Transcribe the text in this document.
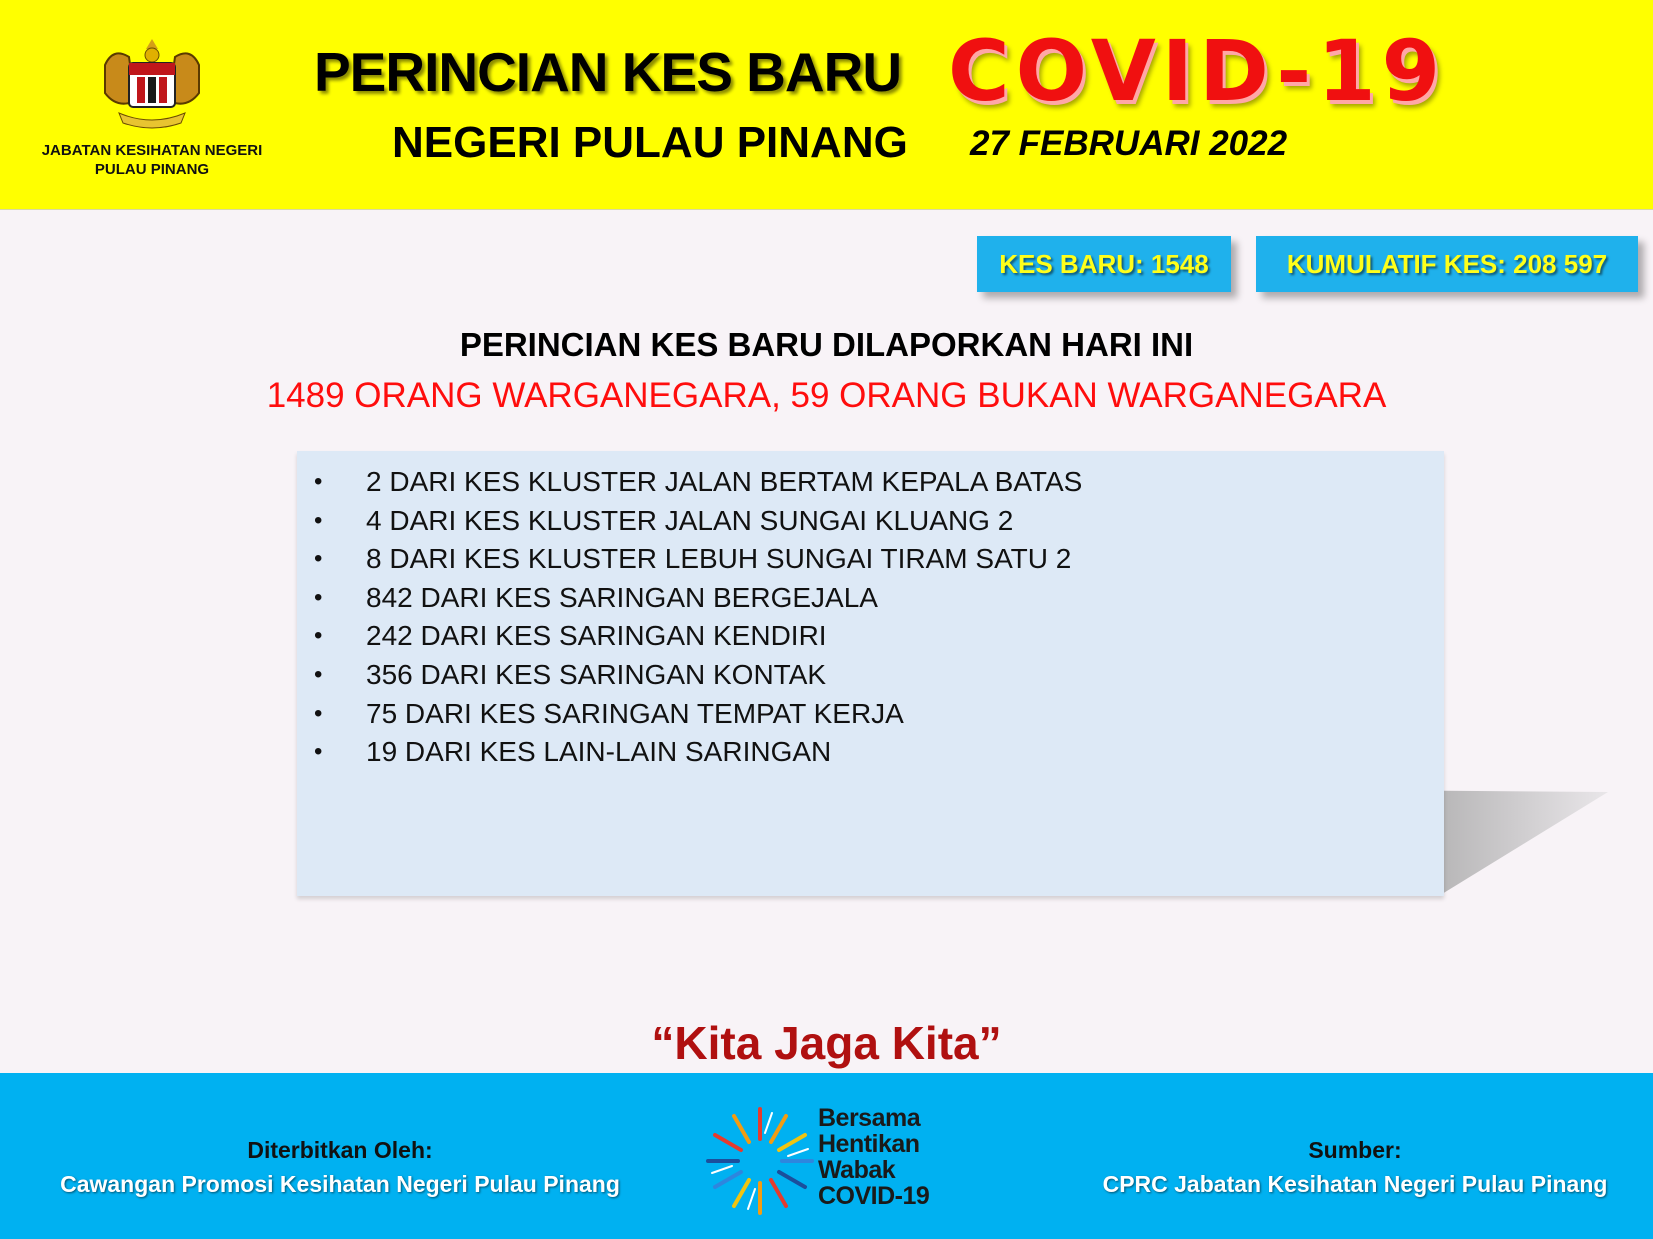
JABATAN KESIHATAN NEGERI
PULAU PINANG
PERINCIAN KES BARU COVID-19
NEGERI PULAU PINANG 27 FEBRUARI 2022
KES BARU: 1548	KUMULATIF KES: 208 597
PERINCIAN KES BARU DILAPORKAN HARI INI
1489 ORANG WARGANEGARA, 59 ORANG BUKAN WARGANEGARA
• 2 DARI KES KLUSTER JALAN BERTAM KEPALA BATAS
• 4 DARI KES KLUSTER JALAN SUNGAI KLUANG 2
• 8 DARI KES KLUSTER LEBUH SUNGAI TIRAM SATU 2
• 842 DARI KES SARINGAN BERGEJALA
• 242 DARI KES SARINGAN KENDIRI
• 356 DARI KES SARINGAN KONTAK
• 75 DARI KES SARINGAN TEMPAT KERJA
• 19 DARI KES LAIN-LAIN SARINGAN
“Kita Jaga Kita”
Diterbitkan Oleh:
Cawangan Promosi Kesihatan Negeri Pulau Pinang
Bersama
Hentikan
Wabak
COVID-19
Sumber:
CPRC Jabatan Kesihatan Negeri Pulau Pinang
